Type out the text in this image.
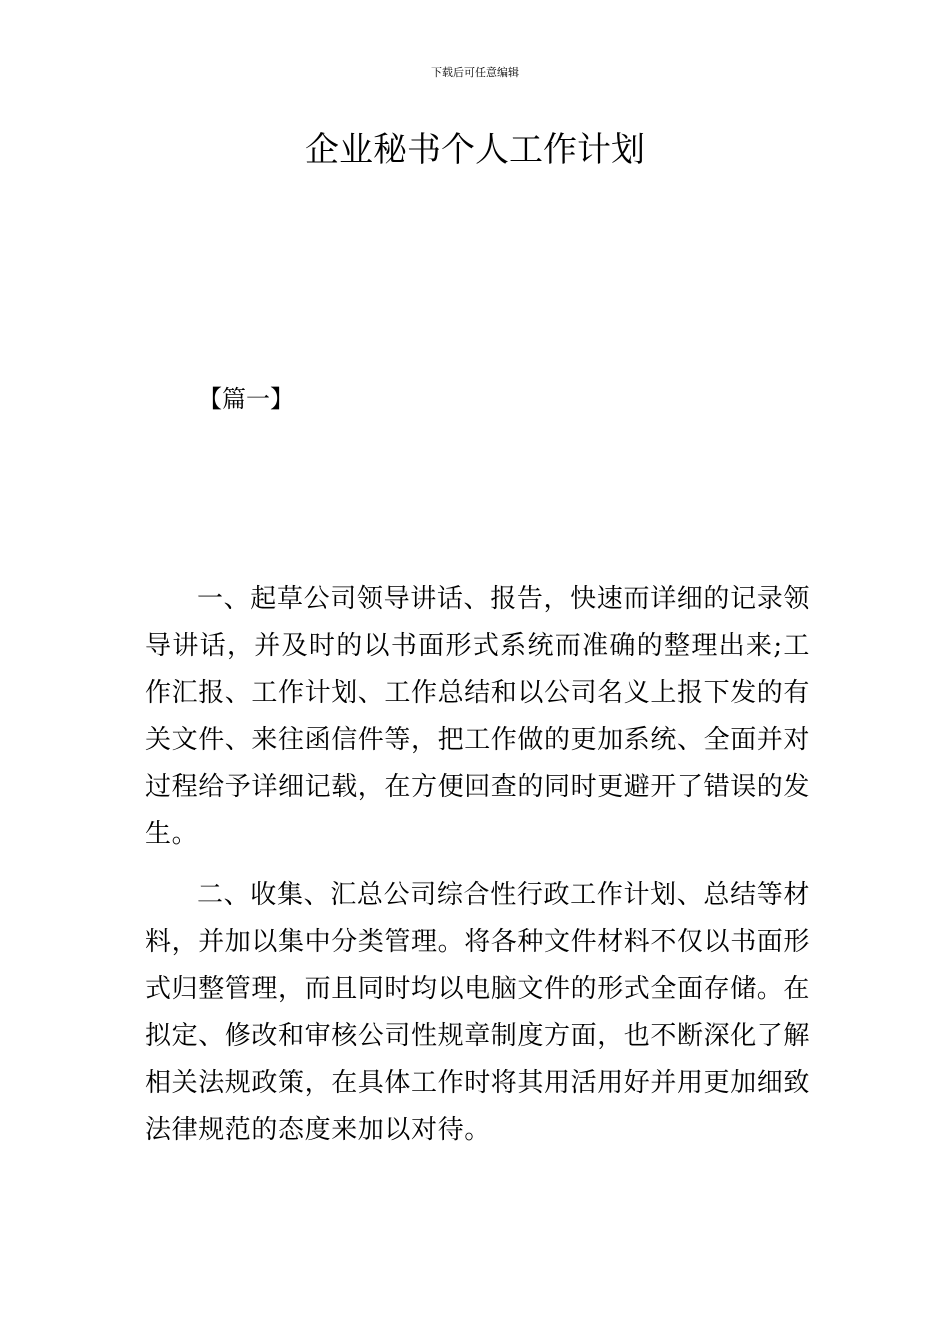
下载后可任意编辑
企业秘书个人工作计划
【篇一】

一、起草公司领导讲话、报告，快速而详细的记录领导讲话，并及时的以书面形式系统而准确的整理出来;工作汇报、工作计划、工作总结和以公司名义上报下发的有关文件、来往函信件等，把工作做的更加系统、全面并对过程给予详细记载，在方便回查的同时更避开了错误的发生。

二、收集、汇总公司综合性行政工作计划、总结等材料，并加以集中分类管理。将各种文件材料不仅以书面形式归整管理，而且同时均以电脑文件的形式全面存储。在拟定、修改和审核公司性规章制度方面，也不断深化了解相关法规政策，在具体工作时将其用活用好并用更加细致法律规范的态度来加以对待。
